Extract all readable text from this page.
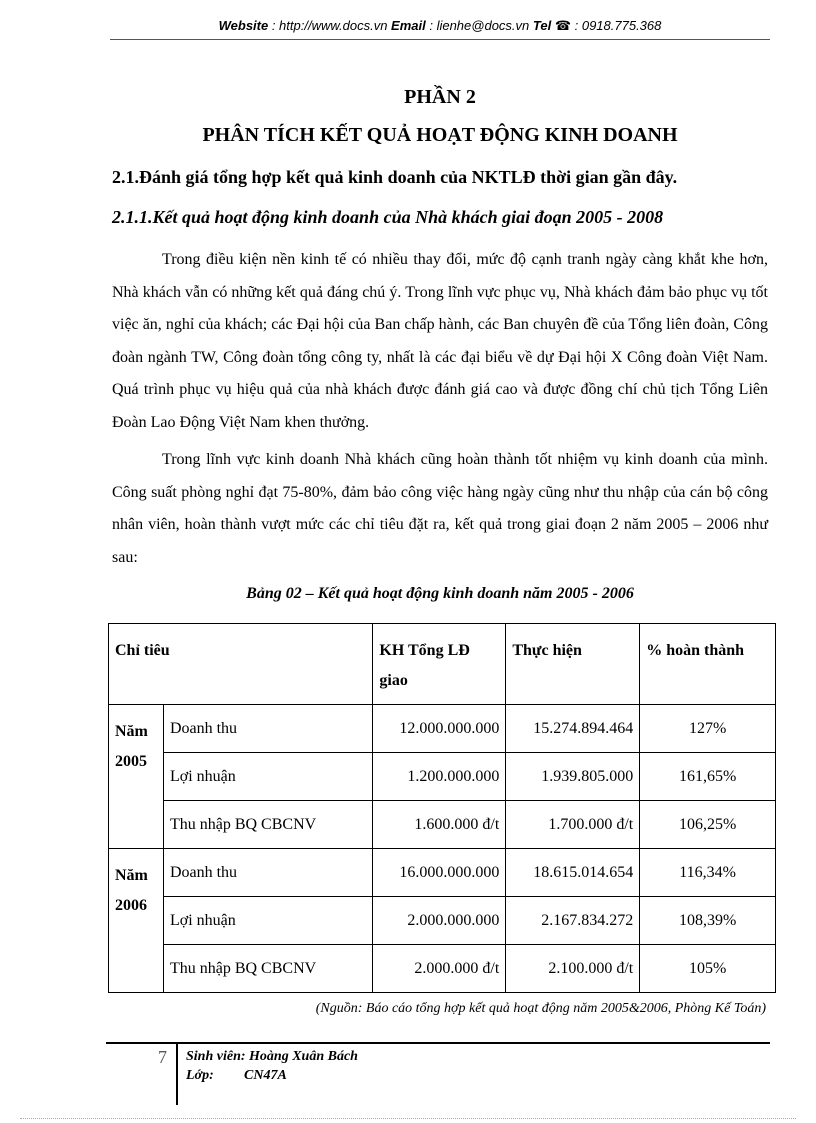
Website : http://www.docs.vn Email : lienhe@docs.vn Tel ☎ : 0918.775.368
PHẦN 2
PHÂN TÍCH KẾT QUẢ HOẠT ĐỘNG KINH DOANH
2.1.Đánh giá tổng hợp kết quả kinh doanh của NKTLĐ thời gian gần đây.
2.1.1.Kết quả hoạt động kinh doanh của Nhà khách giai đoạn 2005 - 2008

Trong điều kiện nền kinh tế có nhiều thay đổi, mức độ cạnh tranh ngày càng khắt khe hơn, Nhà khách vẫn có những kết quả đáng chú ý. Trong lĩnh vực phục vụ, Nhà khách đảm bảo phục vụ tốt việc ăn, nghỉ của khách; các Đại hội của Ban chấp hành, các Ban chuyên đề của Tổng liên đoàn, Công đoàn ngành TW, Công đoàn tổng công ty, nhất là các đại biểu về dự Đại hội X Công đoàn Việt Nam. Quá trình phục vụ hiệu quả của nhà khách được đánh giá cao và được đồng chí chủ tịch Tổng Liên Đoàn Lao Động Việt Nam khen thưởng.

Trong lĩnh vực kinh doanh Nhà khách cũng hoàn thành tốt nhiệm vụ kinh doanh của mình. Công suất phòng nghỉ đạt 75-80%, đảm bảo công việc hàng ngày cũng như thu nhập của cán bộ công nhân viên, hoàn thành vượt mức các chỉ tiêu đặt ra, kết quả trong giai đoạn 2 năm 2005 – 2006 như sau:

Bảng 02 – Kết quả hoạt động kinh doanh năm 2005 - 2006
Chỉ tiêu		KH Tổng LĐ giao	Thực hiện	% hoàn thành
Năm 2005	Doanh thu	12.000.000.000	15.274.894.464	127%
	Lợi nhuận	1.200.000.000	1.939.805.000	161,65%
	Thu nhập BQ CBCNV	1.600.000 đ/t	1.700.000 đ/t	106,25%
Năm 2006	Doanh thu	16.000.000.000	18.615.014.654	116,34%
	Lợi nhuận	2.000.000.000	2.167.834.272	108,39%
	Thu nhập BQ CBCNV	2.000.000 đ/t	2.100.000 đ/t	105%
(Nguồn: Báo cáo tổng hợp kết quả hoạt động năm 2005&2006, Phòng Kế Toán)
7 Sinh viên: Hoàng Xuân Bách
Lớp: CN47A
